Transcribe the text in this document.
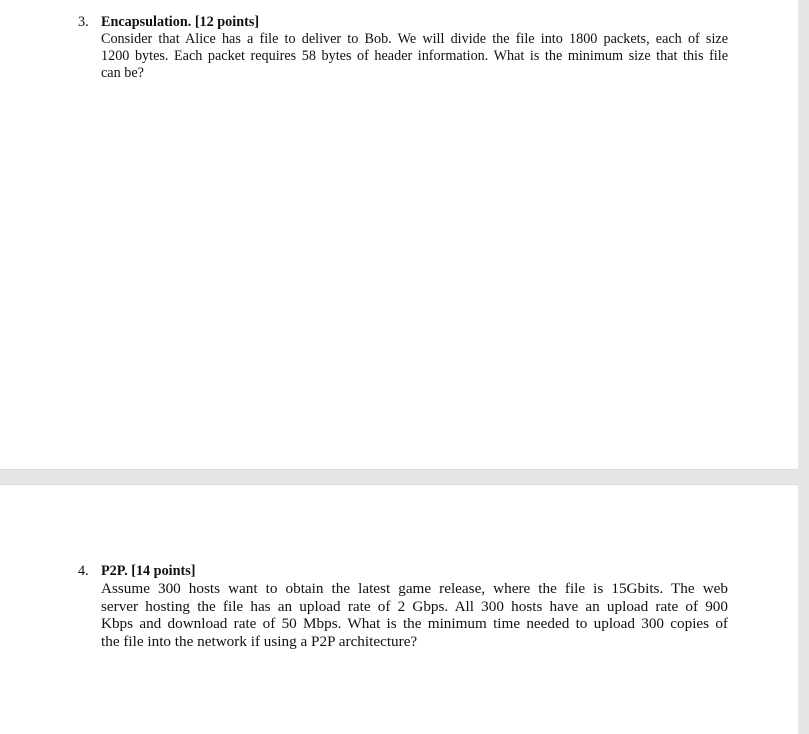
3. Encapsulation. [12 points]
Consider that Alice has a file to deliver to Bob. We will divide the file into 1800 packets, each of size
1200 bytes. Each packet requires 58 bytes of header information. What is the minimum size that this file
can be?
4. P2P. [14 points]
Assume 300 hosts want to obtain the latest game release, where the file is 15Gbits. The web
server hosting the file has an upload rate of 2 Gbps. All 300 hosts have an upload rate of 900
Kbps and download rate of 50 Mbps. What is the minimum time needed to upload 300 copies of
the file into the network if using a P2P architecture?
